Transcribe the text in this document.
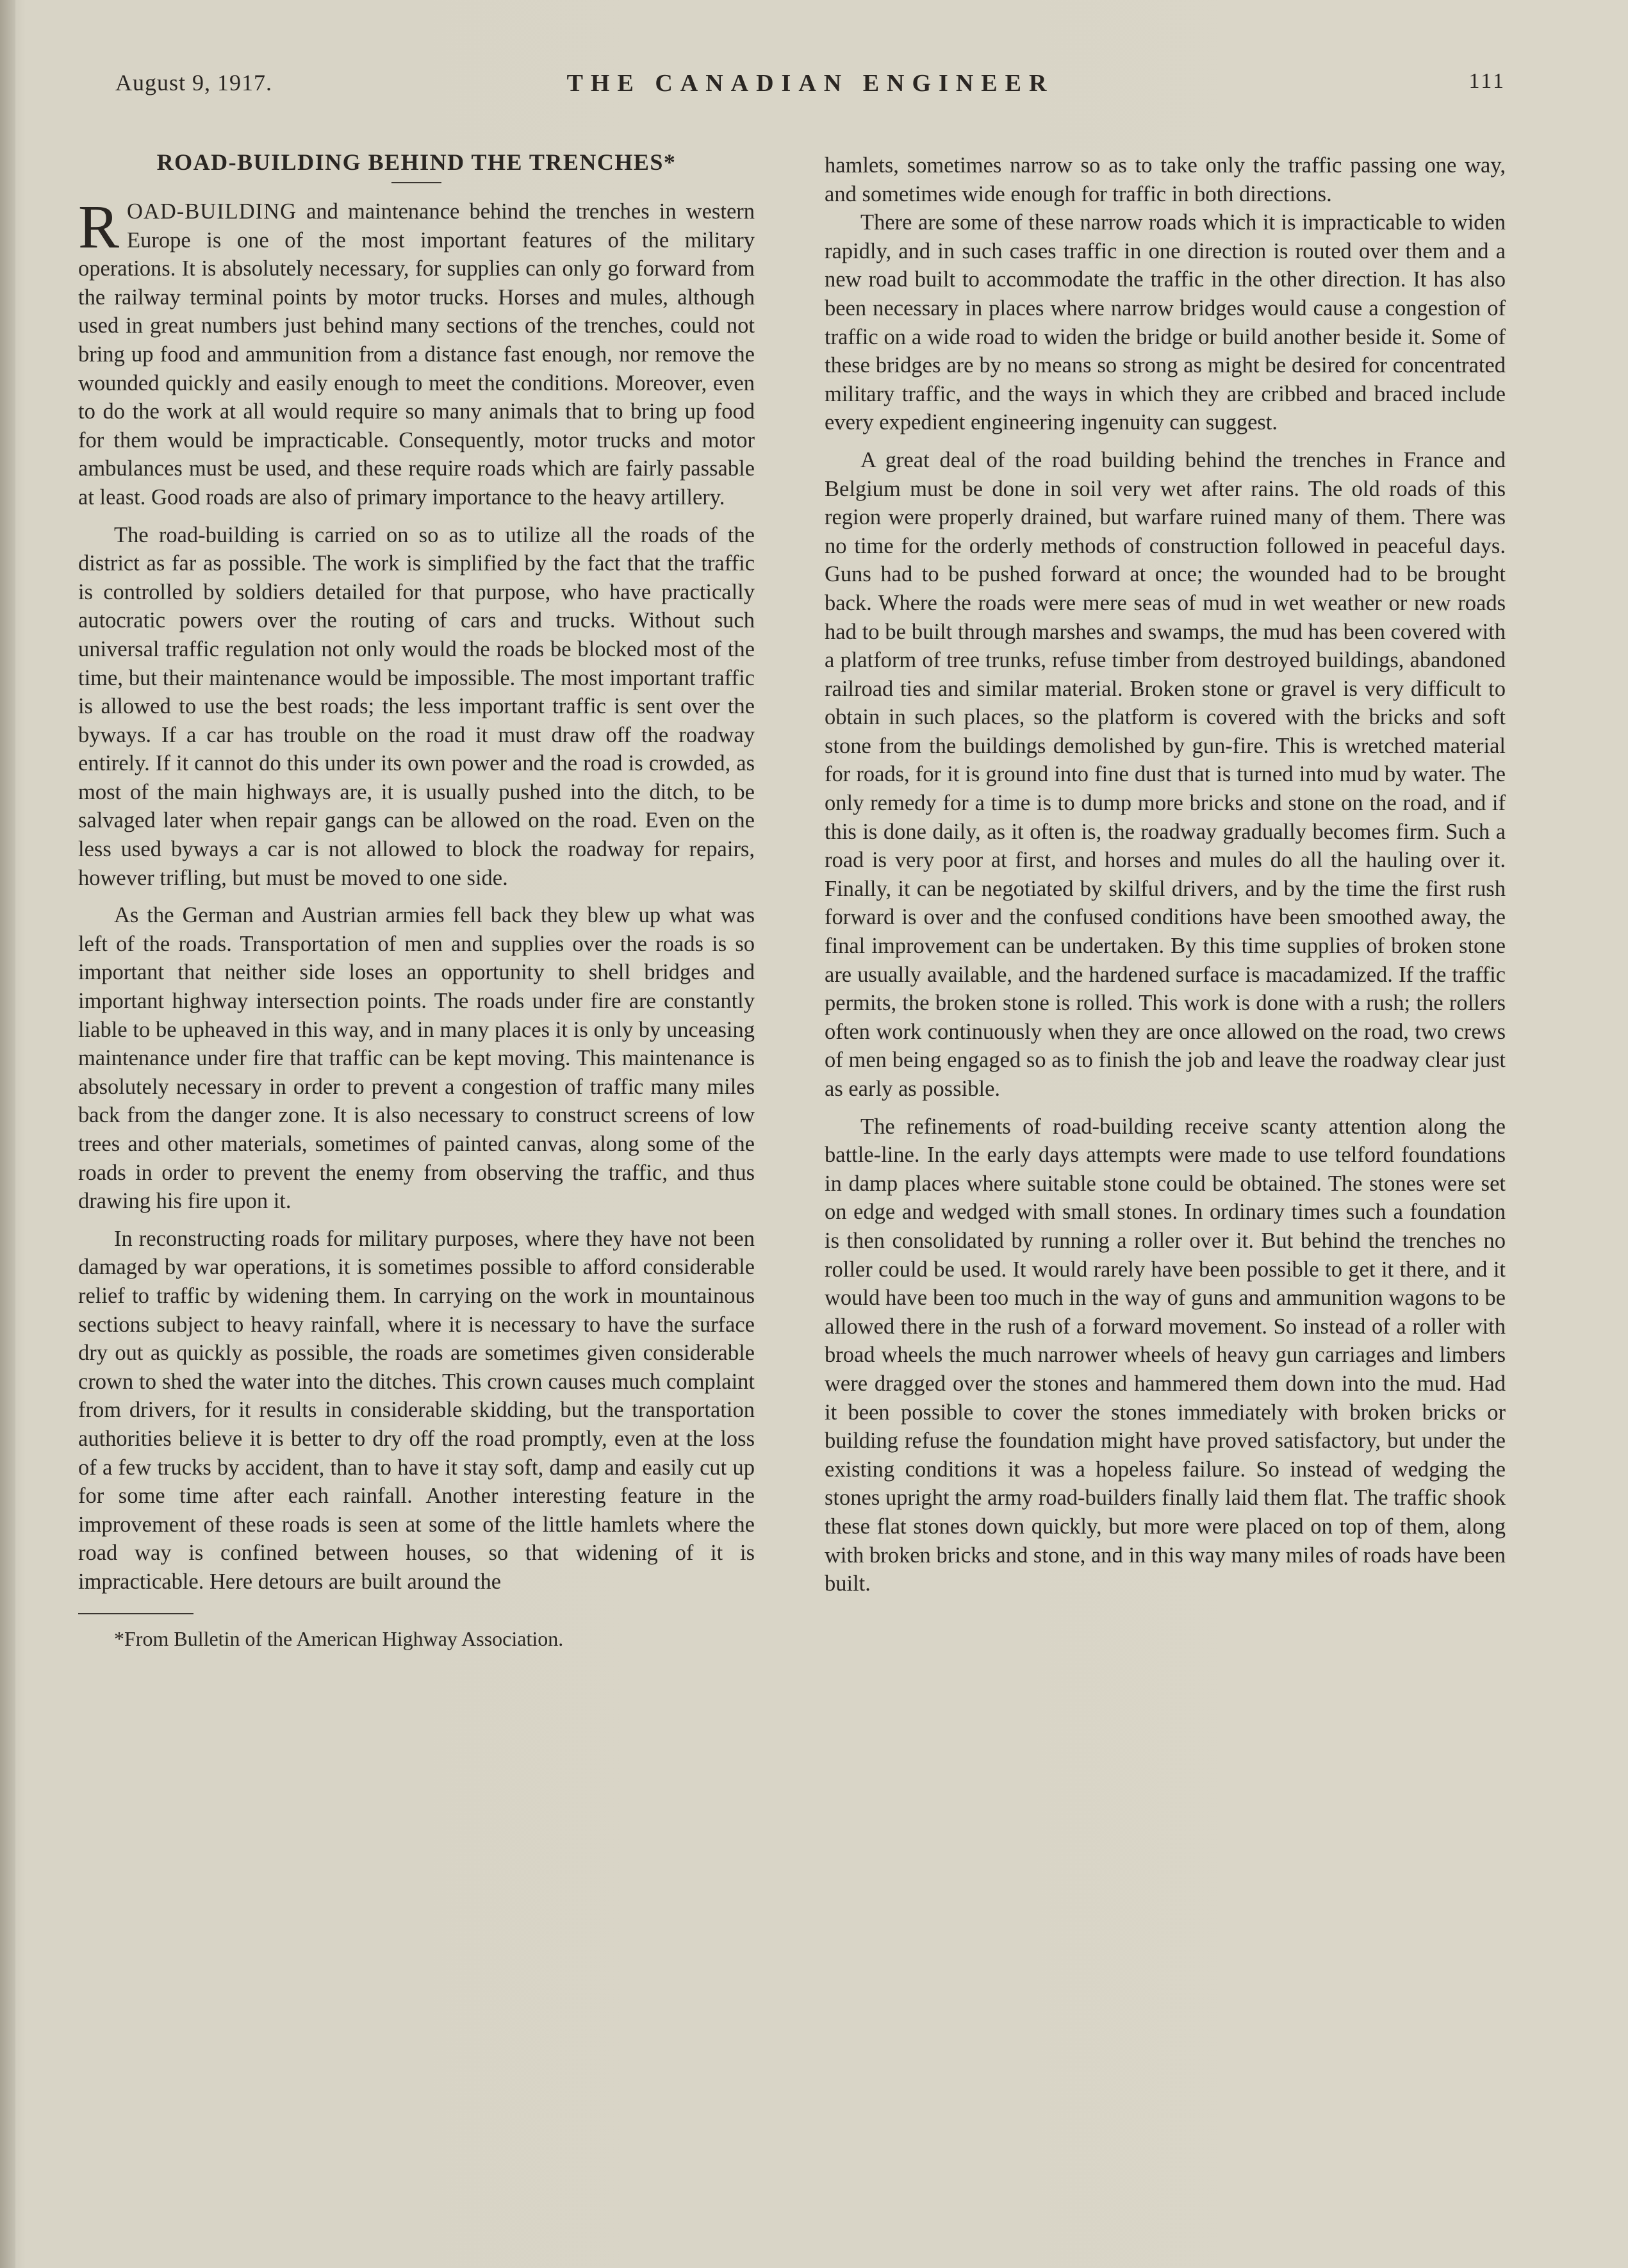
August 9, 1917.	THE CANADIAN ENGINEER	111
ROAD-BUILDING BEHIND THE TRENCHES*

ROAD-BUILDING and maintenance behind the trenches in western Europe is one of the most important features of the military operations. It is absolutely necessary, for supplies can only go forward from the railway terminal points by motor trucks. Horses and mules, although used in great numbers just behind many sections of the trenches, could not bring up food and ammunition from a distance fast enough, nor remove the wounded quickly and easily enough to meet the conditions. Moreover, even to do the work at all would require so many animals that to bring up food for them would be impracticable. Consequently, motor trucks and motor ambulances must be used, and these require roads which are fairly passable at least. Good roads are also of primary importance to the heavy artillery.

The road-building is carried on so as to utilize all the roads of the district as far as possible. The work is simplified by the fact that the traffic is controlled by soldiers detailed for that purpose, who have practically autocratic powers over the routing of cars and trucks. Without such universal traffic regulation not only would the roads be blocked most of the time, but their maintenance would be impossible. The most important traffic is allowed to use the best roads; the less important traffic is sent over the byways. If a car has trouble on the road it must draw off the roadway entirely. If it cannot do this under its own power and the road is crowded, as most of the main highways are, it is usually pushed into the ditch, to be salvaged later when repair gangs can be allowed on the road. Even on the less used byways a car is not allowed to block the roadway for repairs, however trifling, but must be moved to one side.

As the German and Austrian armies fell back they blew up what was left of the roads. Transportation of men and supplies over the roads is so important that neither side loses an opportunity to shell bridges and important highway intersection points. The roads under fire are constantly liable to be upheaved in this way, and in many places it is only by unceasing maintenance under fire that traffic can be kept moving. This maintenance is absolutely necessary in order to prevent a congestion of traffic many miles back from the danger zone. It is also necessary to construct screens of low trees and other materials, sometimes of painted canvas, along some of the roads in order to prevent the enemy from observing the traffic, and thus drawing his fire upon it.

In reconstructing roads for military purposes, where they have not been damaged by war operations, it is sometimes possible to afford considerable relief to traffic by widening them. In carrying on the work in mountainous sections subject to heavy rainfall, where it is necessary to have the surface dry out as quickly as possible, the roads are sometimes given considerable crown to shed the water into the ditches. This crown causes much complaint from drivers, for it results in considerable skidding, but the transportation authorities believe it is better to dry off the road promptly, even at the loss of a few trucks by accident, than to have it stay soft, damp and easily cut up for some time after each rainfall. Another interesting feature in the improvement of these roads is seen at some of the little hamlets where the road way is confined between houses, so that widening of it is impracticable. Here detours are built around the

*From Bulletin of the American Highway Association.

hamlets, sometimes narrow so as to take only the traffic passing one way, and sometimes wide enough for traffic in both directions.

There are some of these narrow roads which it is impracticable to widen rapidly, and in such cases traffic in one direction is routed over them and a new road built to accommodate the traffic in the other direction. It has also been necessary in places where narrow bridges would cause a congestion of traffic on a wide road to widen the bridge or build another beside it. Some of these bridges are by no means so strong as might be desired for concentrated military traffic, and the ways in which they are cribbed and braced include every expedient engineering ingenuity can suggest.

A great deal of the road building behind the trenches in France and Belgium must be done in soil very wet after rains. The old roads of this region were properly drained, but warfare ruined many of them. There was no time for the orderly methods of construction followed in peaceful days. Guns had to be pushed forward at once; the wounded had to be brought back. Where the roads were mere seas of mud in wet weather or new roads had to be built through marshes and swamps, the mud has been covered with a platform of tree trunks, refuse timber from destroyed buildings, abandoned railroad ties and similar material. Broken stone or gravel is very difficult to obtain in such places, so the platform is covered with the bricks and soft stone from the buildings demolished by gun-fire. This is wretched material for roads, for it is ground into fine dust that is turned into mud by water. The only remedy for a time is to dump more bricks and stone on the road, and if this is done daily, as it often is, the roadway gradually becomes firm. Such a road is very poor at first, and horses and mules do all the hauling over it. Finally, it can be negotiated by skilful drivers, and by the time the first rush forward is over and the confused conditions have been smoothed away, the final improvement can be undertaken. By this time supplies of broken stone are usually available, and the hardened surface is macadamized. If the traffic permits, the broken stone is rolled. This work is done with a rush; the rollers often work continuously when they are once allowed on the road, two crews of men being engaged so as to finish the job and leave the roadway clear just as early as possible.

The refinements of road-building receive scanty attention along the battle-line. In the early days attempts were made to use telford foundations in damp places where suitable stone could be obtained. The stones were set on edge and wedged with small stones. In ordinary times such a foundation is then consolidated by running a roller over it. But behind the trenches no roller could be used. It would rarely have been possible to get it there, and it would have been too much in the way of guns and ammunition wagons to be allowed there in the rush of a forward movement. So instead of a roller with broad wheels the much narrower wheels of heavy gun carriages and limbers were dragged over the stones and hammered them down into the mud. Had it been possible to cover the stones immediately with broken bricks or building refuse the foundation might have proved satisfactory, but under the existing conditions it was a hopeless failure. So instead of wedging the stones upright the army road-builders finally laid them flat. The traffic shook these flat stones down quickly, but more were placed on top of them, along with broken bricks and stone, and in this way many miles of roads have been built.
